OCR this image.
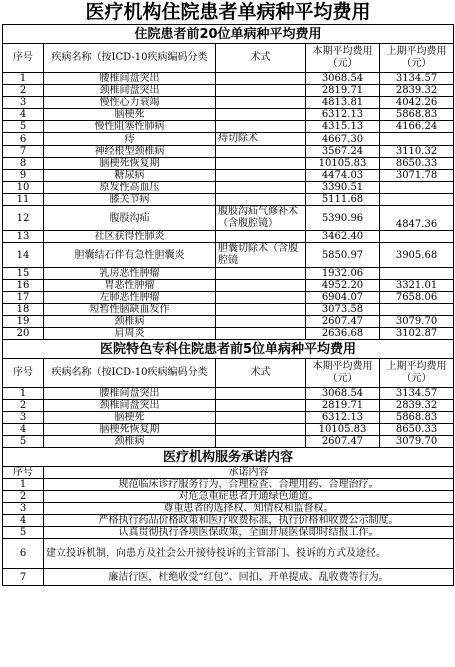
医疗机构住院患者单病种平均费用				
住院患者前20位单病种平均费用				
序号	疾病名称（按ICD-10疾病编码分类	术式	本期平均费用（元）	上期平均费用（元）
1	腰椎间盘突出		3068.54	3134.57
2	颈椎间盘突出		2819.71	2839.32
3	慢性心力衰竭		4813.81	4042.26
4	脑梗死		6312.13	5868.83
5	慢性阻塞性肺病		4315.13	4166.24
6	痔	痔切除术	4667.30	
7	神经根型颈椎病		3567.24	3110.32
8	脑梗死恢复期		10105.83	8650.33
9	糖尿病		4474.03	3071.78
10	原发性高血压		3390.51	
11	膝关节病		5111.68	
12	腹股沟疝	腹股沟疝气修补术（含腹腔镜）	5390.96	4847.36
13	社区获得性肺炎		3462.40	
14	胆囊结石伴有急性胆囊炎	胆囊切除术（含腹腔镜	5850.97	3905.68
15	乳房恶性肿瘤		1932.06	
16	胃恶性肿瘤		4952.20	3321.01
17	左肺恶性肿瘤		6904.07	7658.06
18	短暂性脑缺血发作		3073.58	
19	颈椎病		2607.47	3079.70
20	肩周炎		2636.68	3102.87
医院特色专科住院患者前5位单病种平均费用				
序号	疾病名称（按ICD-10疾病编码分类	术式	本期平均费用（元）	上期平均费用（元）
1	腰椎间盘突出		3068.54	3134.57
2	颈椎间盘突出		2819.71	2839.32
3	脑梗死		6312.13	5868.83
4	脑梗死恢复期		10105.83	8650.33
5	颈椎病		2607.47	3079.70
医疗机构服务承诺内容				
序号	承诺内容			
1	规范临床诊疗服务行为，合理检查、合理用药、合理治疗。			
2	对危急重症患者开通绿色通道。			
3	尊重患者的选择权、知情权和监督权。			
4	严格执行药品价格政策和医疗收费标准，执行价格和收费公示制度。			
5	认真贯彻执行各项医保政策，全面开展医保即时结报工作。			
6	建立投诉机制，向患方及社会公开接待投诉的主管部门、投诉的方式及途径。			
7	廉洁行医，杜绝收受“红包”、回扣、开单提成、乱收费等行为。			
